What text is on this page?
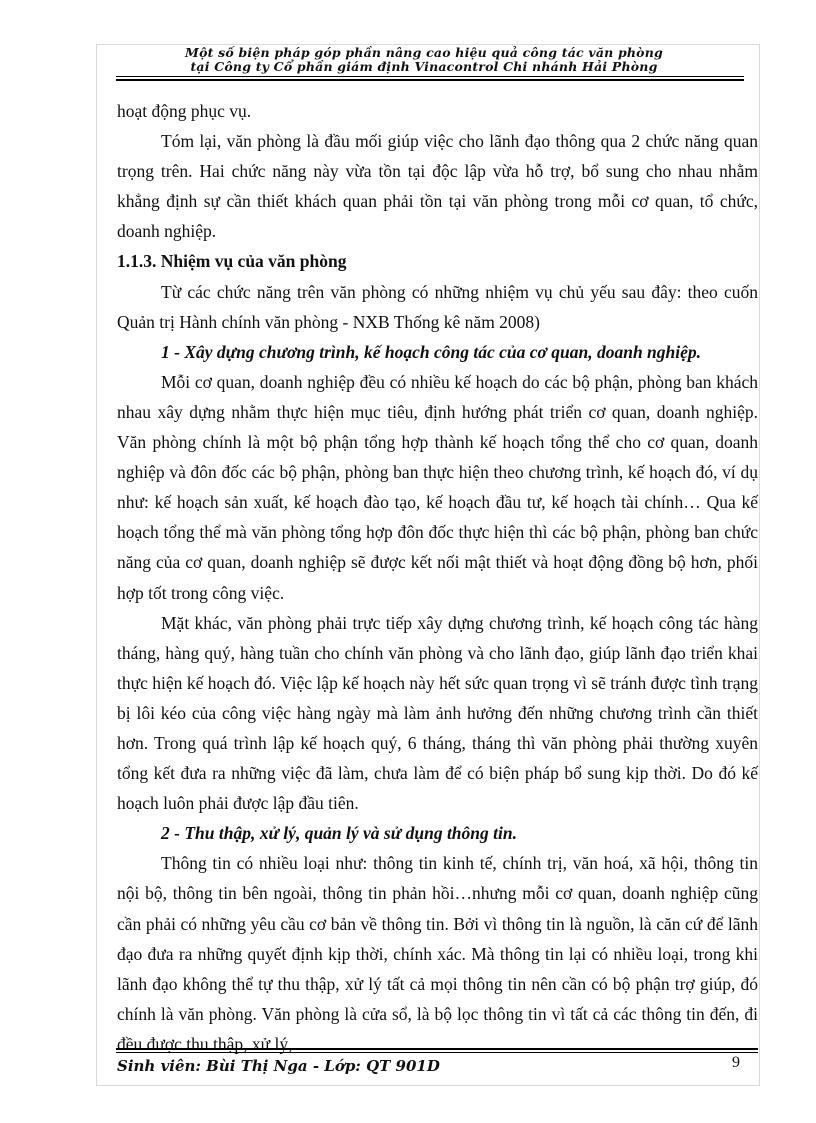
Một số biện pháp góp phần nâng cao hiệu quả công tác văn phòng
tại Công ty Cổ phần giám định Vinacontrol Chi nhánh Hải Phòng

hoạt động phục vụ.

Tóm lại, văn phòng là đầu mối giúp việc cho lãnh đạo thông qua 2 chức năng quan trọng trên. Hai chức năng này vừa tồn tại độc lập vừa hỗ trợ, bổ sung cho nhau nhằm khẳng định sự cần thiết khách quan phải tồn tại văn phòng trong mỗi cơ quan, tổ chức, doanh nghiệp.

1.1.3. Nhiệm vụ của văn phòng

Từ các chức năng trên văn phòng có những nhiệm vụ chủ yếu sau đây: theo cuốn Quản trị Hành chính văn phòng - NXB Thống kê năm 2008)

1 - Xây dựng chương trình, kế hoạch công tác của cơ quan, doanh nghiệp.

Mỗi cơ quan, doanh nghiệp đều có nhiều kế hoạch do các bộ phận, phòng ban khách nhau xây dựng nhằm thực hiện mục tiêu, định hướng phát triển cơ quan, doanh nghiệp. Văn phòng chính là một bộ phận tổng hợp thành kế hoạch tổng thể cho cơ quan, doanh nghiệp và đôn đốc các bộ phận, phòng ban thực hiện theo chương trình, kế hoạch đó, ví dụ như: kế hoạch sản xuất, kế hoạch đào tạo, kế hoạch đầu tư, kế hoạch tài chính… Qua kế hoạch tổng thể mà văn phòng tổng hợp đôn đốc thực hiện thì các bộ phận, phòng ban chức năng của cơ quan, doanh nghiệp sẽ được kết nối mật thiết và hoạt động đồng bộ hơn, phối hợp tốt trong công việc.

Mặt khác, văn phòng phải trực tiếp xây dựng chương trình, kế hoạch công tác hàng tháng, hàng quý, hàng tuần cho chính văn phòng và cho lãnh đạo, giúp lãnh đạo triển khai thực hiện kế hoạch đó. Việc lập kế hoạch này hết sức quan trọng vì sẽ tránh được tình trạng bị lôi kéo của công việc hàng ngày mà làm ảnh hưởng đến những chương trình cần thiết hơn. Trong quá trình lập kế hoạch quý, 6 tháng, tháng thì văn phòng phải thường xuyên tổng kết đưa ra những việc đã làm, chưa làm để có biện pháp bổ sung kịp thời. Do đó kế hoạch luôn phải được lập đầu tiên.

2 - Thu thập, xử lý, quản lý và sử dụng thông tin.

Thông tin có nhiều loại như: thông tin kinh tế, chính trị, văn hoá, xã hội, thông tin nội bộ, thông tin bên ngoài, thông tin phản hồi…nhưng mỗi cơ quan, doanh nghiệp cũng cần phải có những yêu cầu cơ bản về thông tin. Bởi vì thông tin là nguồn, là căn cứ để lãnh đạo đưa ra những quyết định kịp thời, chính xác. Mà thông tin lại có nhiều loại, trong khi lãnh đạo không thể tự thu thập, xử lý tất cả mọi thông tin nên cần có bộ phận trợ giúp, đó chính là văn phòng. Văn phòng là cửa sổ, là bộ lọc thông tin vì tất cả các thông tin đến, đi đều được thu thập, xử lý,

Sinh viên: Bùi Thị Nga - Lớp: QT 901D	9
